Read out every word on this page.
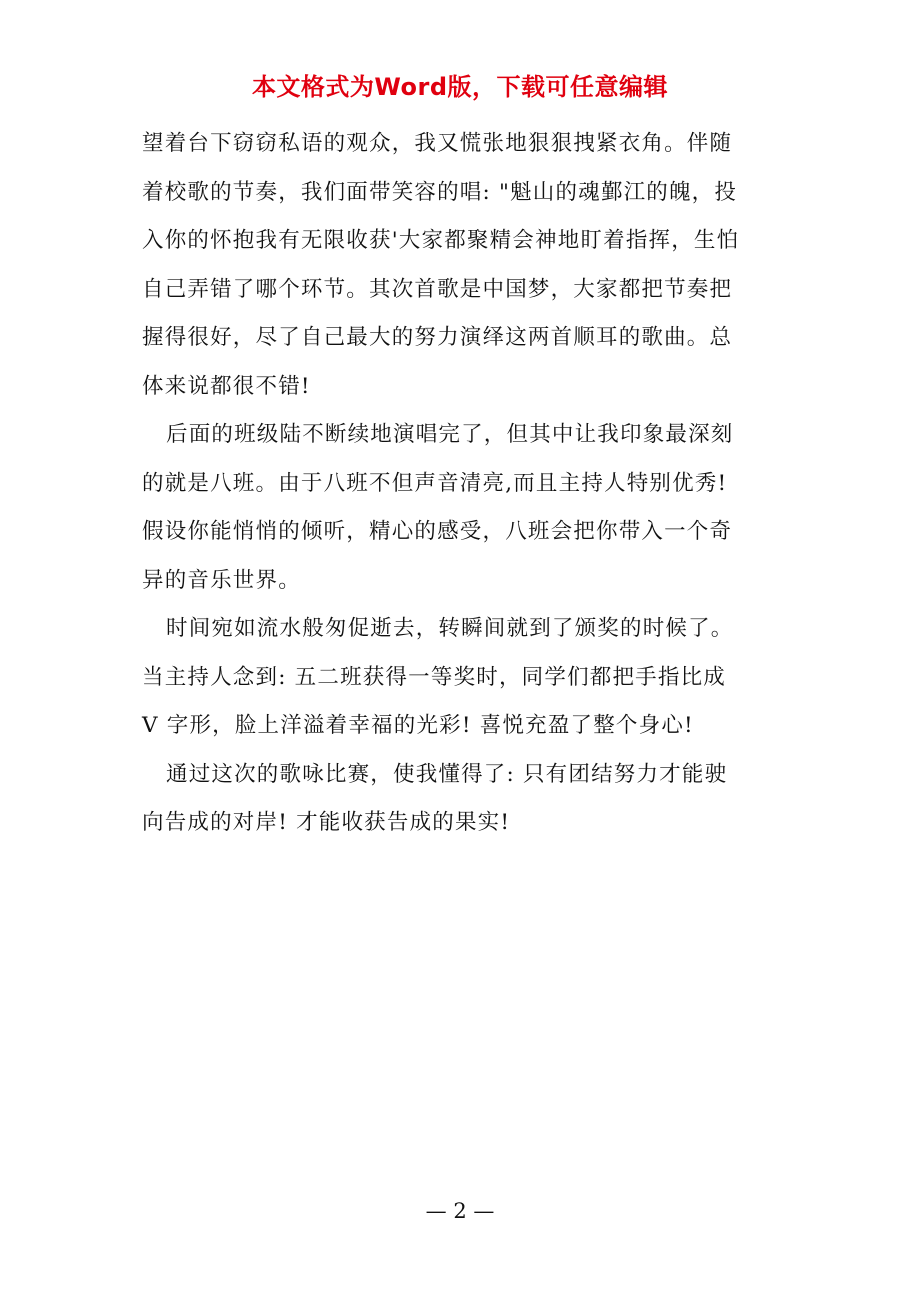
本文格式为Word版，下载可任意编辑

望着台下窃窃私语的观众，我又慌张地狠狠拽紧衣角。伴随
着校歌的节奏，我们面带笑容的唱: "魁山的魂鄞江的魄，投
入你的怀抱我有无限收获'大家都聚精会神地盯着指挥，生怕
自己弄错了哪个环节。其次首歌是中国梦，大家都把节奏把
握得很好，尽了自己最大的努力演绎这两首顺耳的歌曲。总
体来说都很不错!

后面的班级陆不断续地演唱完了，但其中让我印象最深刻
的就是八班。由于八班不但声音清亮,而且主持人特别优秀!
假设你能悄悄的倾听，精心的感受，八班会把你带入一个奇
异的音乐世界。

时间宛如流水般匆促逝去，转瞬间就到了颁奖的时候了。
当主持人念到: 五二班获得一等奖时，同学们都把手指比成
V 字形，脸上洋溢着幸福的光彩! 喜悦充盈了整个身心!

通过这次的歌咏比赛，使我懂得了: 只有团结努力才能驶
向告成的对岸! 才能收获告成的果实!

— 2 —
